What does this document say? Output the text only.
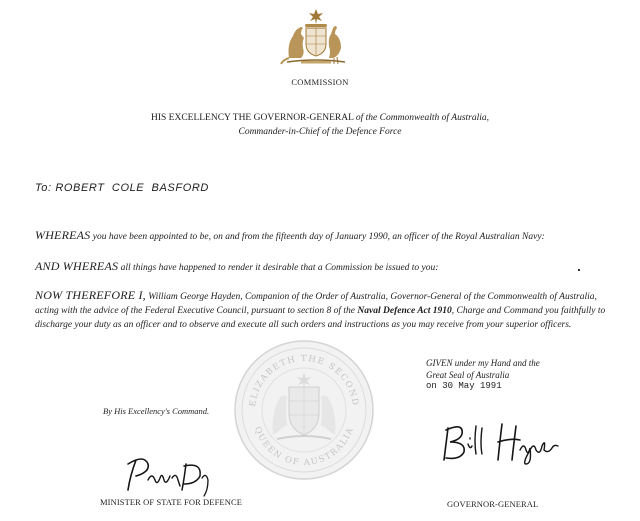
COMMISSION
HIS EXCELLENCY THE GOVERNOR-GENERAL of the Commonwealth of Australia,
Commander-in-Chief of the Defence Force
To: ROBERT  COLE  BASFORD
WHEREAS you have been appointed to be, on and from the fifteenth day of January 1990, an officer of the Royal Australian Navy:
AND WHEREAS all things have happened to render it desirable that a Commission be issued to you:
NOW THEREFORE I, William George Hayden, Companion of the Order of Australia, Governor-General of the Commonwealth of Australia, acting with the advice of the Federal Executive Council, pursuant to section 8 of the Naval Defence Act 1910, Charge and Command you faithfully to discharge your duty as an officer and to observe and execute all such orders and instructions as you may receive from your superior officers.
ELIZABETH THE SECOND
QUEEN OF AUSTRALIA
GIVEN under my Hand and the
Great Seal of Australia
on 30 May 1991
By His Excellency's Command.
MINISTER OF STATE FOR DEFENCE	GOVERNOR-GENERAL
